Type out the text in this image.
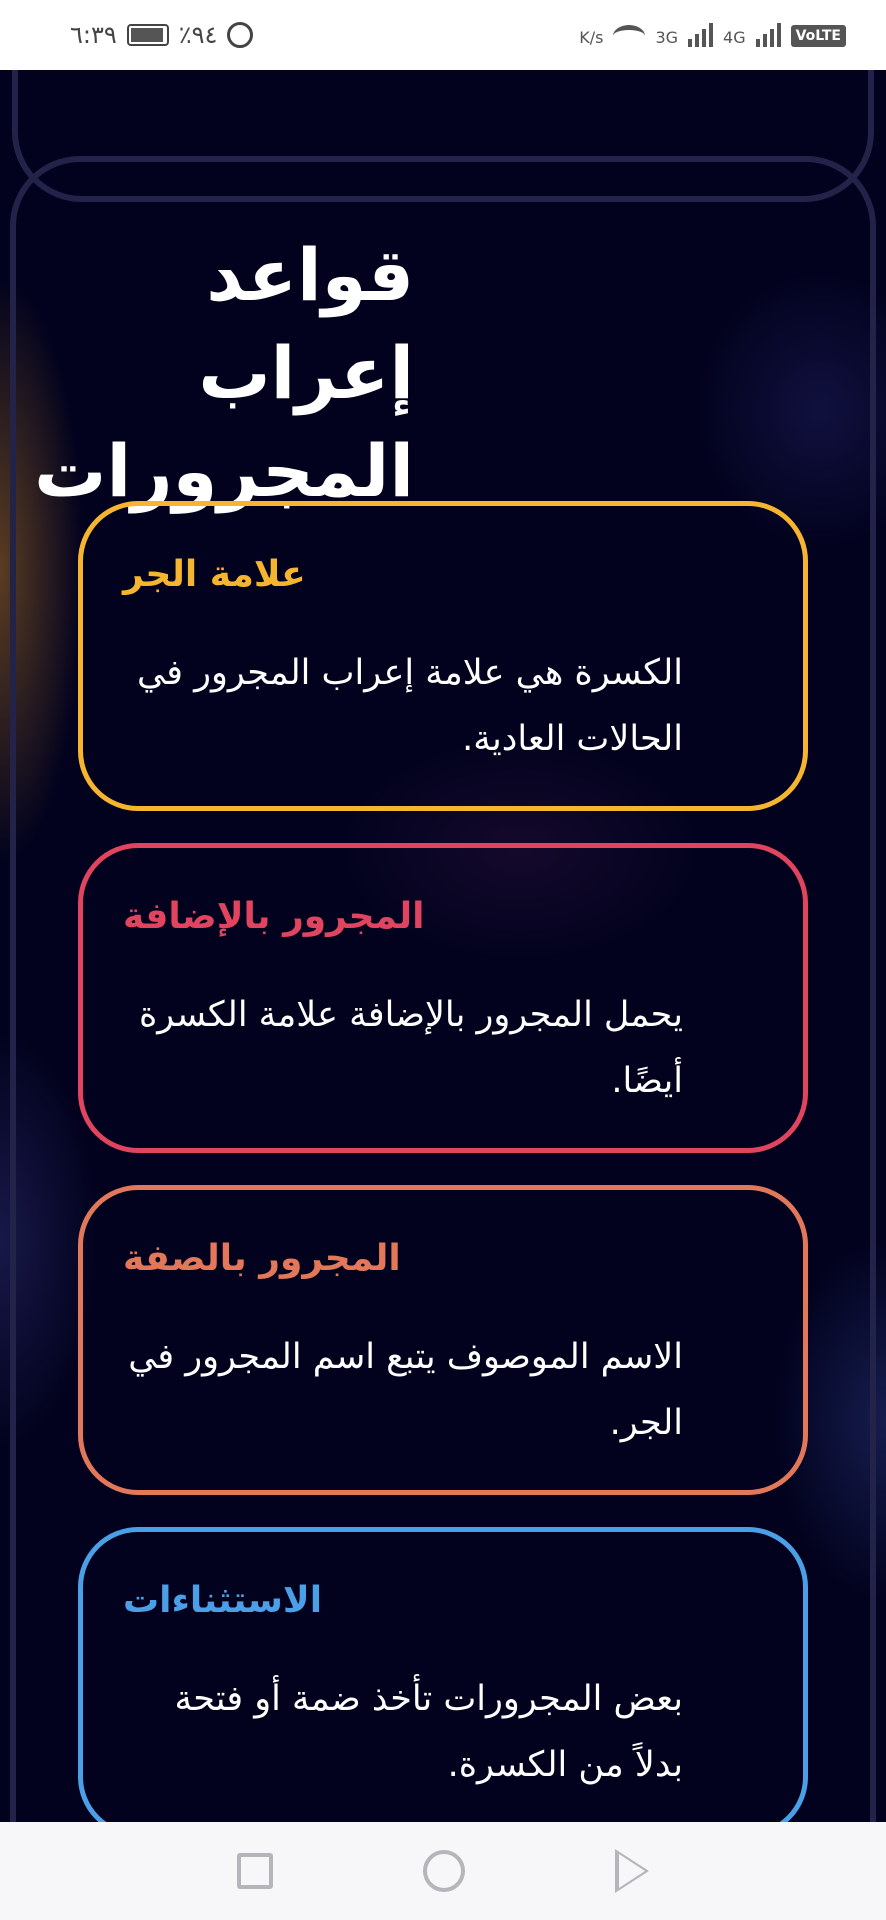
٦:٣٩	٪٩٤	K/s	3G	4G	VoLTE
قواعد إعراب
المجرورات
علامة الجر
الكسرة هي علامة إعراب المجرور في الحالات العادية.
المجرور بالإضافة
يحمل المجرور بالإضافة علامة الكسرة أيضًا.
المجرور بالصفة
الاسم الموصوف يتبع اسم المجرور في الجر.
الاستثناءات
بعض المجرورات تأخذ ضمة أو فتحة بدلاً من الكسرة.
